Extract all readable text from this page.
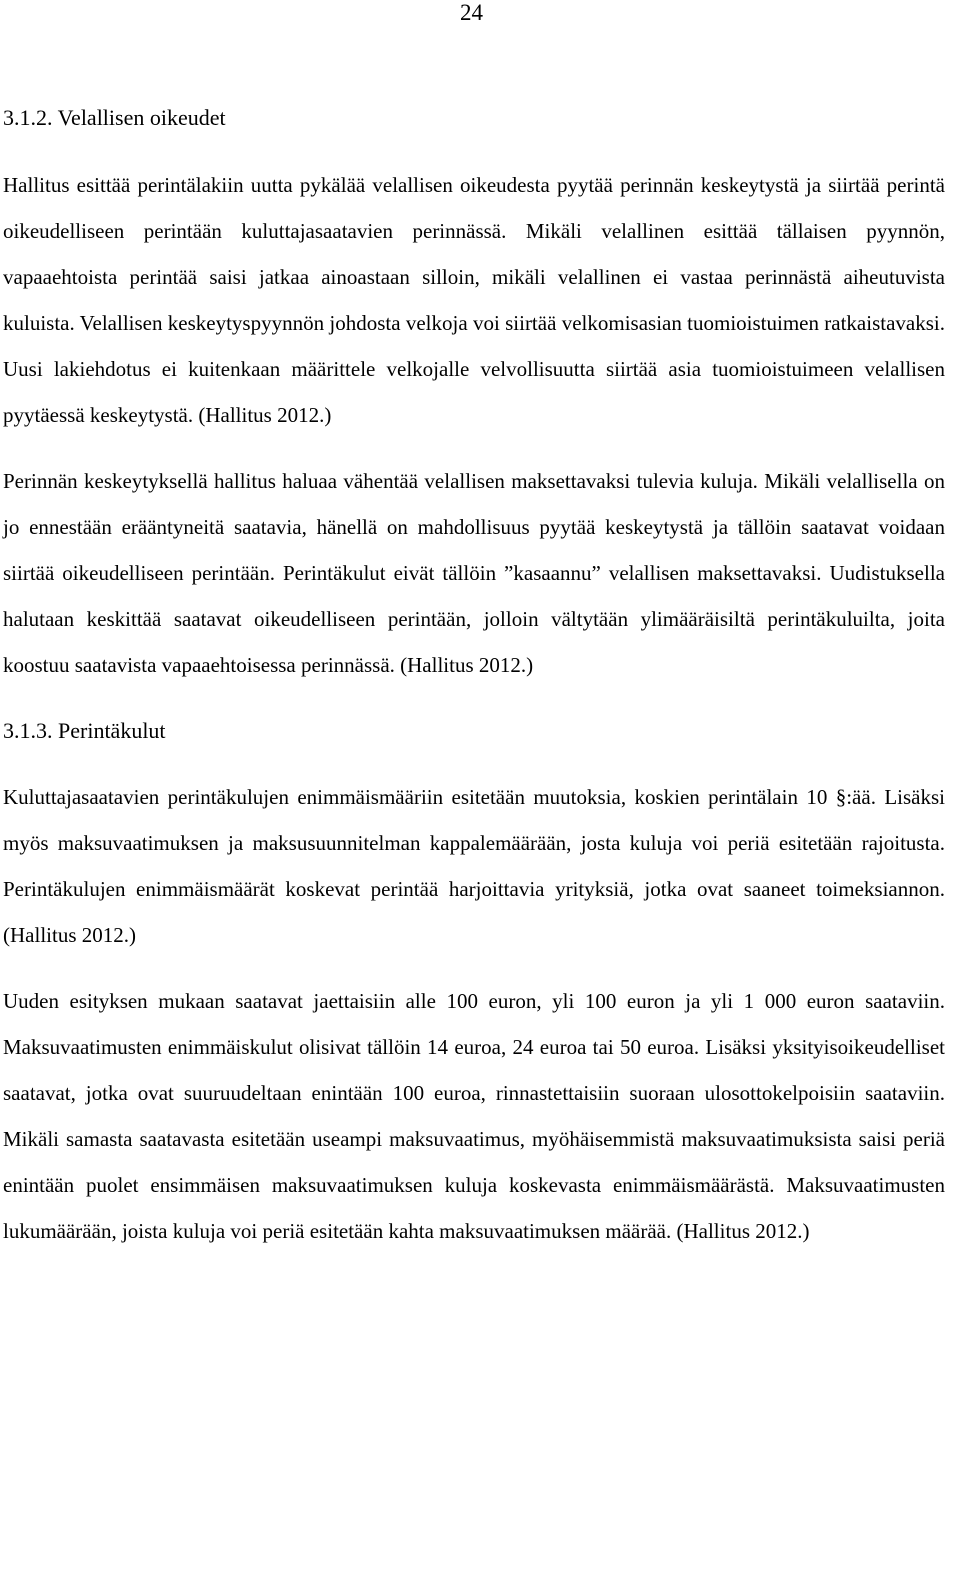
24
3.1.2. Velallisen oikeudet

Hallitus esittää perintälakiin uutta pykälää velallisen oikeudesta pyytää perinnän keskeytystä ja siirtää perintä oikeudelliseen perintään kuluttajasaatavien perinnässä. Mikäli velallinen esittää tällaisen pyynnön, vapaaehtoista perintää saisi jatkaa ainoastaan silloin, mikäli velallinen ei vastaa perinnästä aiheutuvista kuluista. Velallisen keskeytyspyynnön johdosta velkoja voi siirtää velkomisasian tuomioistuimen ratkaistavaksi. Uusi lakiehdotus ei kuitenkaan määrittele velkojalle velvollisuutta siirtää asia tuomioistuimeen velallisen pyytäessä keskeytystä. (Hallitus 2012.)

Perinnän keskeytyksellä hallitus haluaa vähentää velallisen maksettavaksi tulevia kuluja. Mikäli velallisella on jo ennestään erääntyneitä saatavia, hänellä on mahdollisuus pyytää keskeytystä ja tällöin saatavat voidaan siirtää oikeudelliseen perintään. Perintäkulut eivät tällöin ”kasaannu” velallisen maksettavaksi. Uudistuksella halutaan keskittää saatavat oikeudelliseen perintään, jolloin vältytään ylimääräisiltä perintäkuluilta, joita koostuu saatavista vapaaehtoisessa perinnässä. (Hallitus 2012.)

3.1.3. Perintäkulut

Kuluttajasaatavien perintäkulujen enimmäismääriin esitetään muutoksia, koskien perintälain 10 §:ää. Lisäksi myös maksuvaatimuksen ja maksusuunnitelman kappalemäärään, josta kuluja voi periä esitetään rajoitusta. Perintäkulujen enimmäismäärät koskevat perintää harjoittavia yrityksiä, jotka ovat saaneet toimeksiannon. (Hallitus 2012.)

Uuden esityksen mukaan saatavat jaettaisiin alle 100 euron, yli 100 euron ja yli 1 000 euron saataviin. Maksuvaatimusten enimmäiskulut olisivat tällöin 14 euroa, 24 euroa tai 50 euroa. Lisäksi yksityisoikeudelliset saatavat, jotka ovat suuruudeltaan enintään 100 euroa, rinnastettaisiin suoraan ulosottokelpoisiin saataviin. Mikäli samasta saatavasta esitetään useampi maksuvaatimus, myöhäisemmistä maksuvaatimuksista saisi periä enintään puolet ensimmäisen maksuvaatimuksen kuluja koskevasta enimmäismäärästä. Maksuvaatimusten lukumäärään, joista kuluja voi periä esitetään kahta maksuvaatimuksen määrää. (Hallitus 2012.)
